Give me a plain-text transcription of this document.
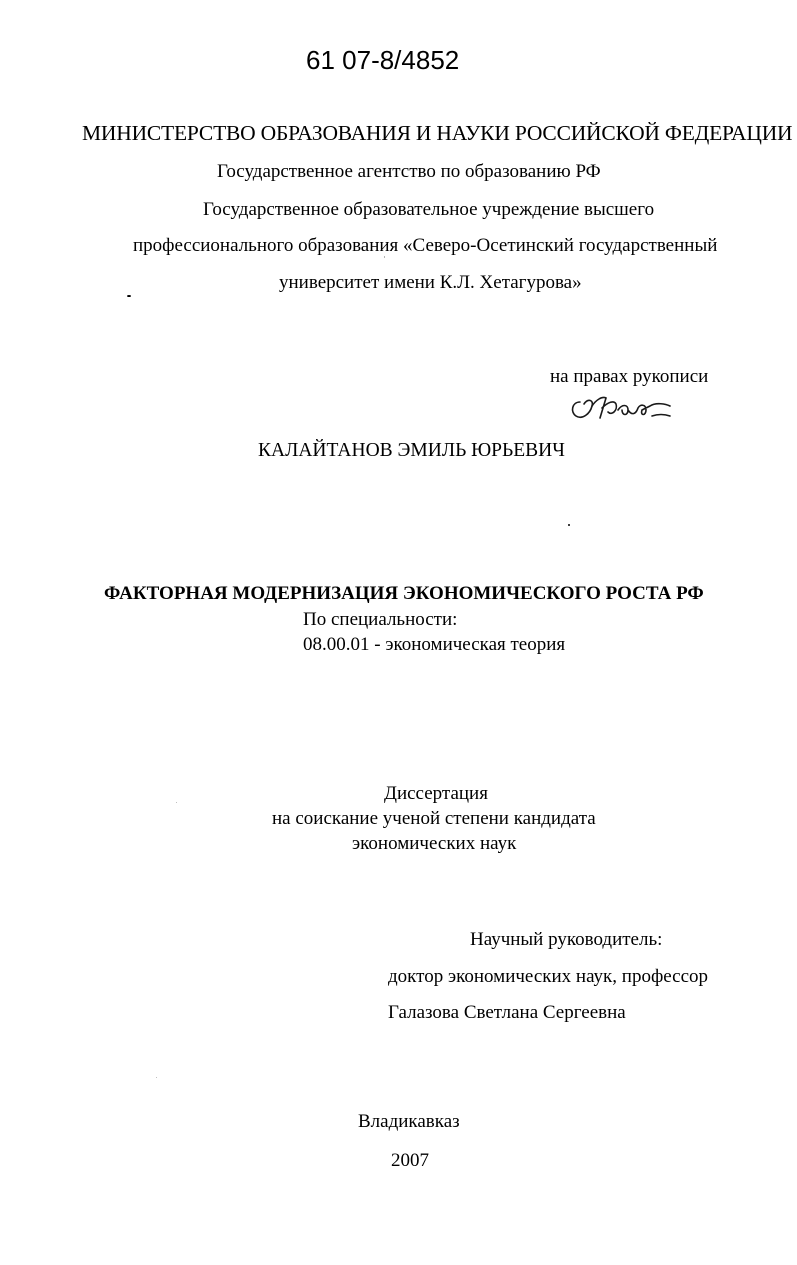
61 07-8/4852
МИНИСТЕРСТВО ОБРАЗОВАНИЯ И НАУКИ РОССИЙСКОЙ ФЕДЕРАЦИИ
Государственное агентство по образованию РФ
Государственное образовательное учреждение высшего
профессионального образования «Северо-Осетинский государственный
университет имени К.Л. Хетагурова»
на правах рукописи
КАЛАЙТАНОВ ЭМИЛЬ ЮРЬЕВИЧ
ФАКТОРНАЯ МОДЕРНИЗАЦИЯ ЭКОНОМИЧЕСКОГО РОСТА РФ
По специальности:
08.00.01 - экономическая теория
Диссертация
на соискание ученой степени кандидата
экономических наук
Научный руководитель:
доктор экономических наук, профессор
Галазова Светлана Сергеевна
Владикавказ
2007
